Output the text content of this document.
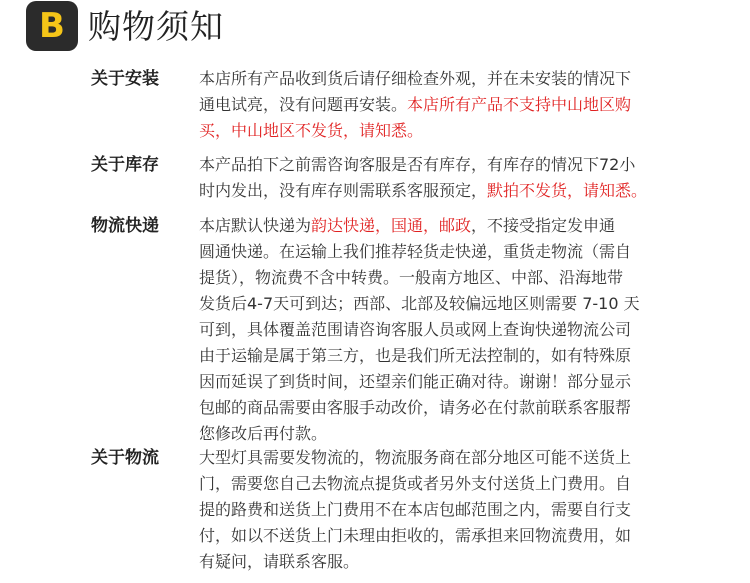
B 购物须知
关于安装	本店所有产品收到货后请仔细检查外观，并在未安装的情况下
通电试亮，没有问题再安装。本店所有产品不支持中山地区购
买，中山地区不发货，请知悉。
关于库存	本产品拍下之前需咨询客服是否有库存，有库存的情况下72小
时内发出，没有库存则需联系客服预定，默拍不发货，请知悉。
物流快递	本店默认快递为韵达快递，国通，邮政，不接受指定发申通
圆通快递。在运输上我们推荐轻货走快递，重货走物流（需自
提货），物流费不含中转费。一般南方地区、中部、沿海地带
发货后4-7天可到达；西部、北部及较偏远地区则需要 7-10 天
可到，具体覆盖范围请咨询客服人员或网上查询快递物流公司
由于运输是属于第三方，也是我们所无法控制的，如有特殊原
因而延误了到货时间，还望亲们能正确对待。谢谢！部分显示
包邮的商品需要由客服手动改价，请务必在付款前联系客服帮
您修改后再付款。
关于物流	大型灯具需要发物流的，物流服务商在部分地区可能不送货上
门，需要您自己去物流点提货或者另外支付送货上门费用。自
提的路费和送货上门费用不在本店包邮范围之内，需要自行支
付，如以不送货上门未理由拒收的，需承担来回物流费用，如
有疑问，请联系客服。
